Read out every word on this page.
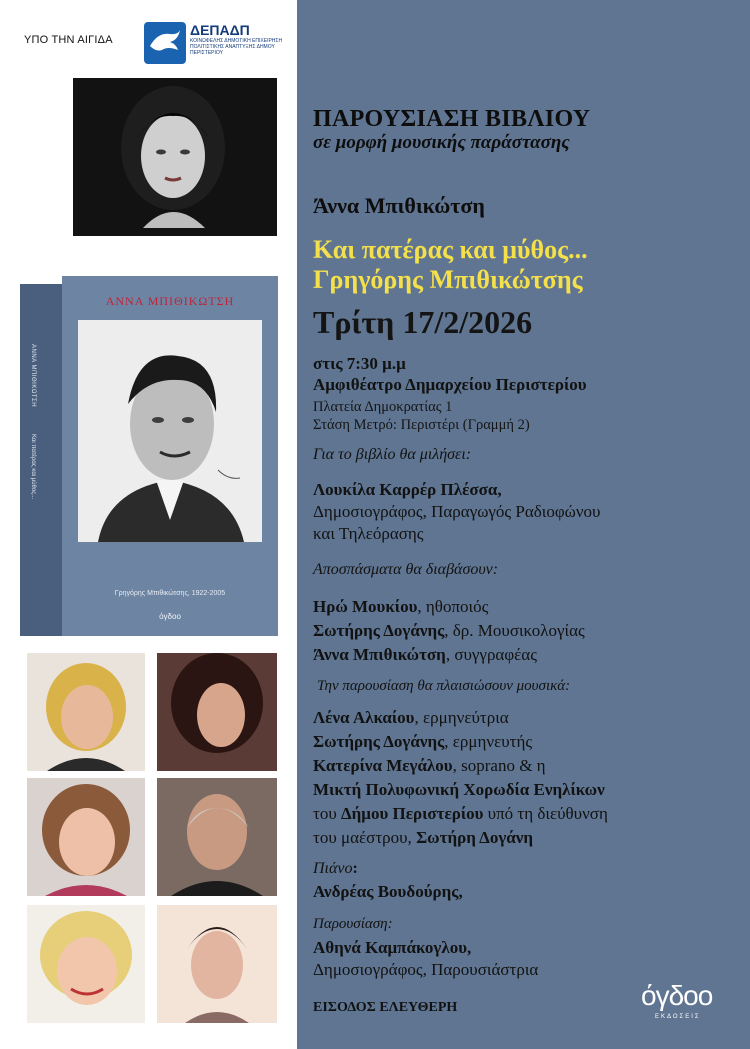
ΥΠΟ ΤΗΝ ΑΙΓΙΔΑ
ΔΕΠΑΔΠ
ΚΟΙΝΩΦΕΛΗΣ ΔΗΜΟΤΙΚΗ ΕΠΙΧΕΙΡΗΣΗ ΠΟΛΙΤΙΣΤΙΚΗΣ ΑΝΑΠΤΥΞΗΣ ΔΗΜΟΥ ΠΕΡΙΣΤΕΡΙΟΥ
ΑΝΝΑ ΜΠΙΘΙΚΩΤΣΗ
Και πατέρας και μύθος...
ΑΝΝΑ ΜΠΙΘΙΚΩΤΣΗ
Γρηγόρης Μπιθικώτσης, 1922-2005
όγδοο
ΠΑΡΟΥΣΙΑΣΗ ΒΙΒΛΙΟΥ
σε μορφή μουσικής παράστασης
Άννα Μπιθικώτση
Και πατέρας και μύθος...
Γρηγόρης Μπιθικώτσης
Τρίτη 17/2/2026
στις 7:30 μ.μ
Αμφιθέατρο Δημαρχείου Περιστερίου
Πλατεία Δημοκρατίας 1
Στάση Μετρό: Περιστέρι (Γραμμή 2)
Για το βιβλίο θα μιλήσει:
Λουκίλα Καρρέρ Πλέσσα,
Δημοσιογράφος, Παραγωγός Ραδιοφώνου
και Τηλεόρασης
Αποσπάσματα θα διαβάσουν:
Ηρώ Μουκίου, ηθοποιός
Σωτήρης Δογάνης, δρ. Μουσικολογίας
Άννα Μπιθικώτση, συγγραφέας
Την παρουσίαση θα πλαισιώσουν μουσικά:
Λένα Αλκαίου, ερμηνεύτρια
Σωτήρης Δογάνης, ερμηνευτής
Κατερίνα Μεγάλου, soprano & η
Μικτή Πολυφωνική Χορωδία Ενηλίκων
του Δήμου Περιστερίου υπό τη διεύθυνση
του μαέστρου, Σωτήρη Δογάνη
Πιάνο:
Ανδρέας Βουδούρης,
Παρουσίαση:
Αθηνά Καμπάκογλου,
Δημοσιογράφος, Παρουσιάστρια
ΕΙΣΟΔΟΣ ΕΛΕΥΘΕΡΗ	όγδοο
ΕΚΔΟΣΕΙΣ
